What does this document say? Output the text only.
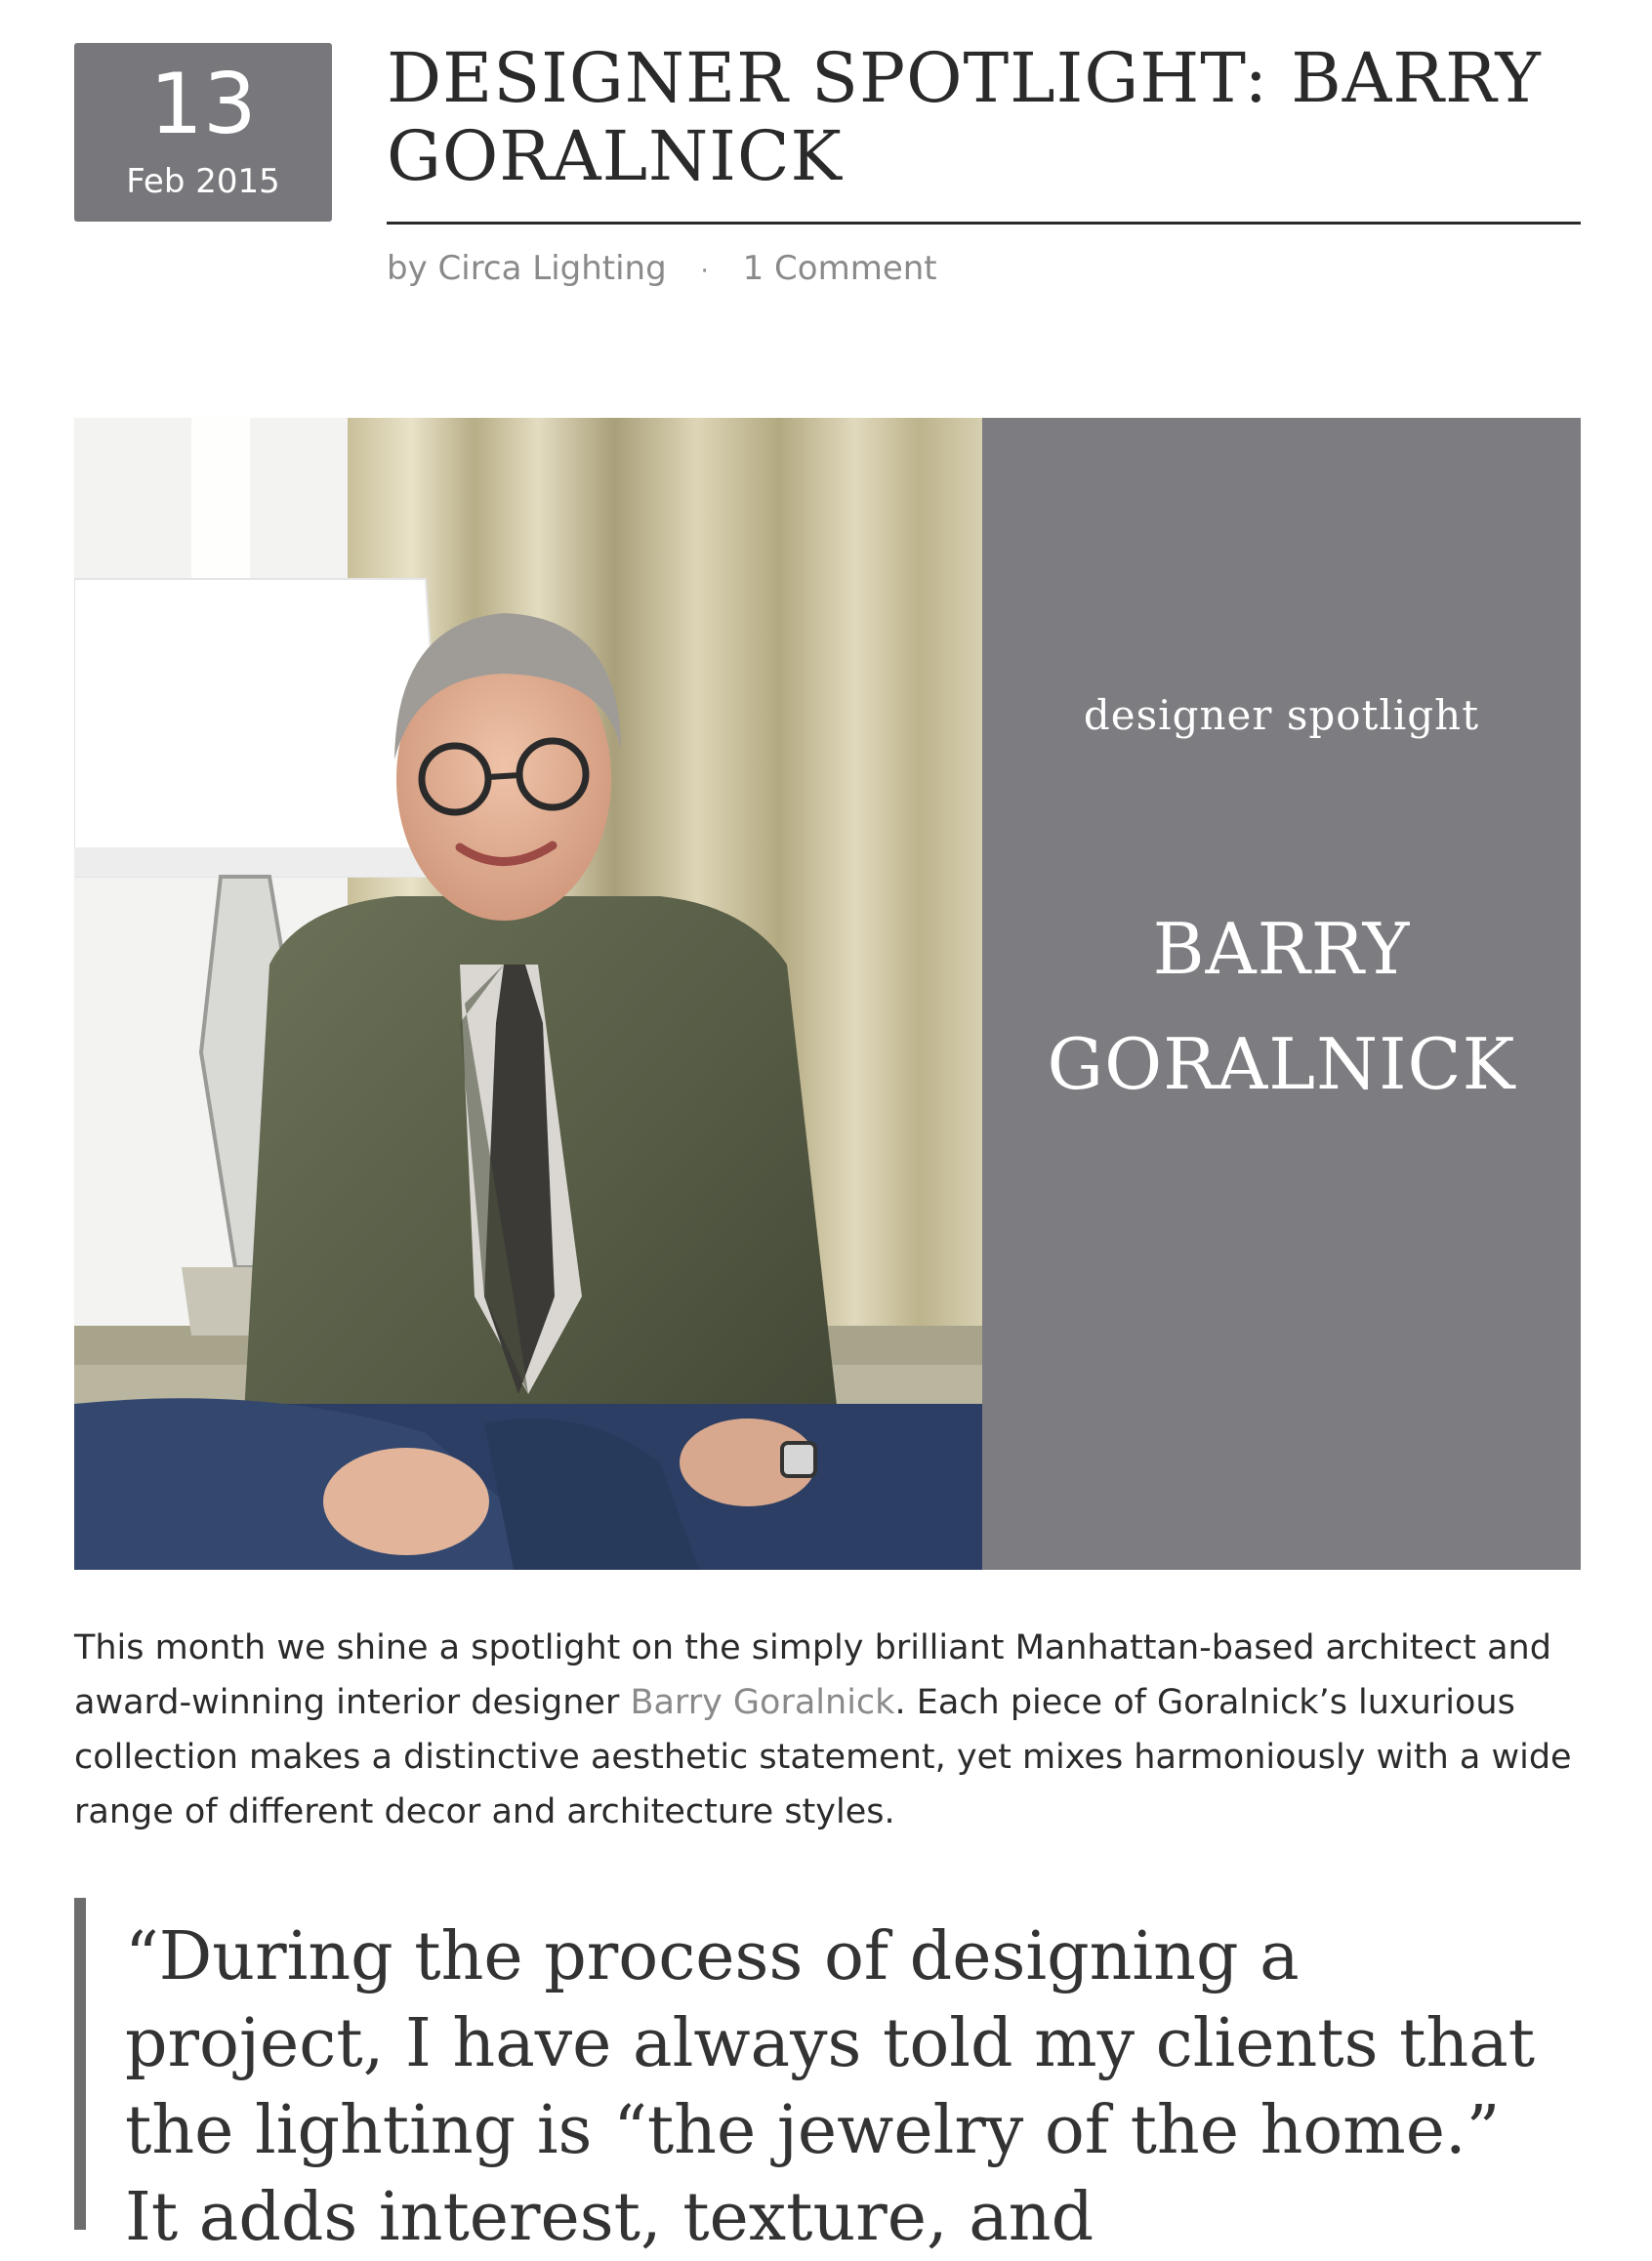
13
Feb 2015
DESIGNER SPOTLIGHT: BARRY GORALNICK
by Circa Lighting · 1 Comment
designer spotlight
BARRY
GORALNICK

This month we shine a spotlight on the simply brilliant Manhattan-based architect and award-winning interior designer Barry Goralnick. Each piece of Goralnick’s luxurious collection makes a distinctive aesthetic statement, yet mixes harmoniously with a wide range of different decor and architecture styles.

“During the process of designing a project, I have always told my clients that the lighting is “the jewelry of the home.” It adds interest, texture, and
